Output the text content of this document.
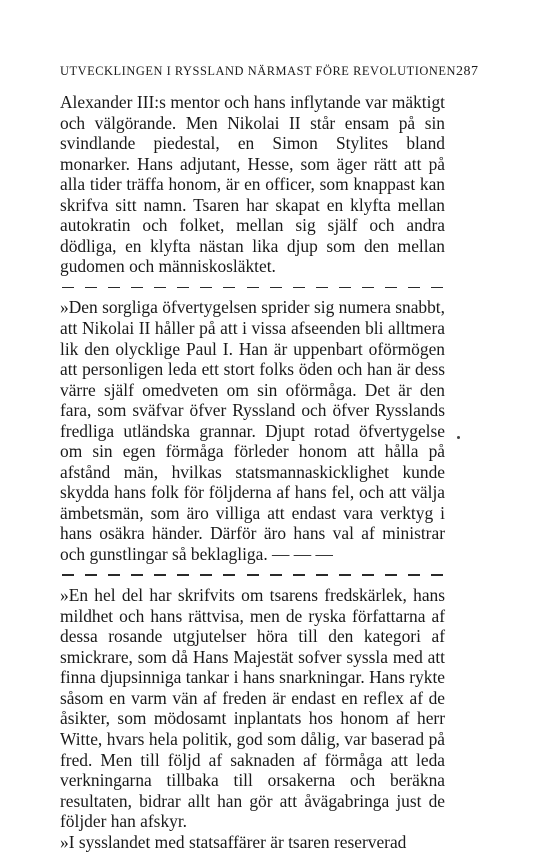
UTVECKLINGEN I RYSSLAND NÄRMAST FÖRE REVOLUTIONEN 287

Alexander III:s mentor och hans inflytande var mäktigt och välgörande. Men Nikolai II står ensam på sin svindlande piedestal, en Simon Stylites bland monarker. Hans adjutant, Hesse, som äger rätt att på alla tider träffa honom, är en officer, som knappast kan skrifva sitt namn. Tsaren har skapat en klyfta mellan autokratin och folket, mellan sig själf och andra dödliga, en klyfta nästan lika djup som den mellan gudomen och människosläktet.

»Den sorgliga öfvertygelsen sprider sig numera snabbt, att Nikolai II håller på att i vissa afseenden bli alltmera lik den olycklige Paul I. Han är uppenbart oförmögen att personligen leda ett stort folks öden och han är dess värre själf omedveten om sin oförmåga. Det är den fara, som sväfvar öfver Ryssland och öfver Rysslands fredliga utländska grannar. Djupt rotad öfvertygelse om sin egen förmåga förleder honom att hålla på afstånd män, hvilkas statsmannaskicklighet kunde skydda hans folk för följderna af hans fel, och att välja ämbetsmän, som äro villiga att endast vara verktyg i hans osäkra händer. Därför äro hans val af ministrar och gunstlingar så beklagliga. — — —

»En hel del har skrifvits om tsarens fredskärlek, hans mildhet och hans rättvisa, men de ryska författarna af dessa rosande utgjutelser höra till den kategori af smickrare, som då Hans Majestät sofver syssla med att finna djupsinniga tankar i hans snarkningar. Hans rykte såsom en varm vän af freden är endast en reflex af de åsikter, som mödosamt inplantats hos honom af herr Witte, hvars hela politik, god som dålig, var baserad på fred. Men till följd af saknaden af förmåga att leda verkningarna tillbaka till orsakerna och beräkna resultaten, bidrar allt han gör att åvägabringa just de följder han afskyr.

»I sysslandet med statsaffärer är tsaren reserverad
